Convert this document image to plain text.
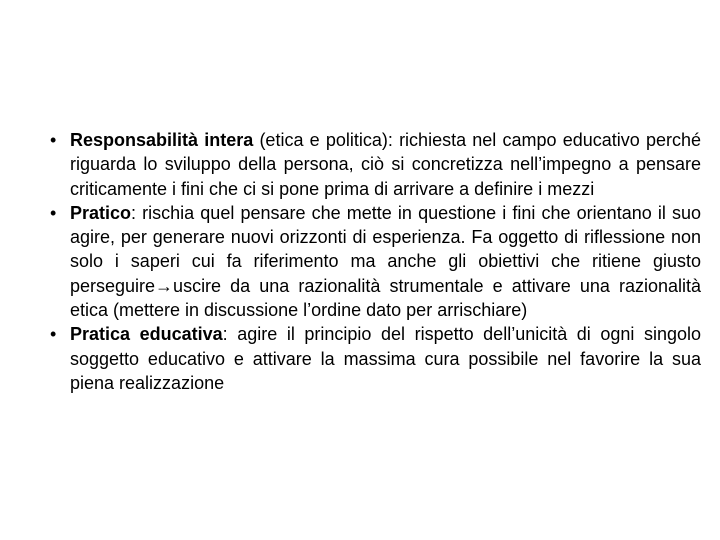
• Responsabilità intera (etica e politica): richiesta nel campo educativo perché riguarda lo sviluppo della persona, ciò si concretizza nell’impegno a pensare criticamente i fini che ci si pone prima di arrivare a definire i mezzi
• Pratico: rischia quel pensare che mette in questione i fini che orientano il suo agire, per generare nuovi orizzonti di esperienza. Fa oggetto di riflessione non solo i saperi cui fa riferimento ma anche gli obiettivi che ritiene giusto perseguire→uscire da una razionalità strumentale e attivare una razionalità etica (mettere in discussione l’ordine dato per arrischiare)
• Pratica educativa: agire il principio del rispetto dell’unicità di ogni singolo soggetto educativo e attivare la massima cura possibile nel favorire la sua piena realizzazione
